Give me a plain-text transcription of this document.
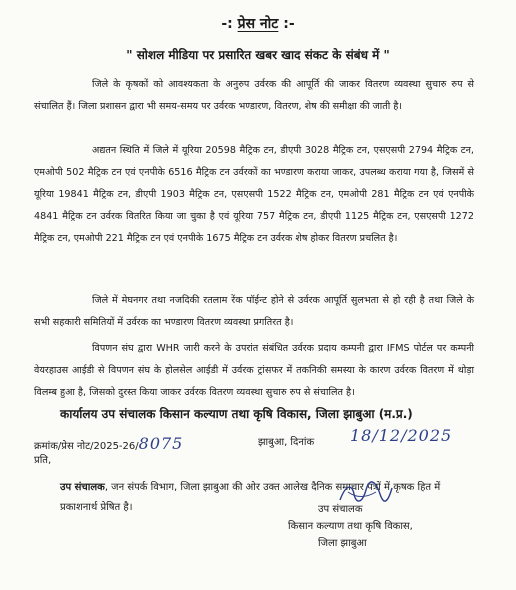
-: प्रेस नोट :-
" सोशल मीडिया पर प्रसारित खबर खाद संकट के संबंध में "

जिले के कृषकों को आवश्यकता के अनुरुप उर्वरक की आपूर्ति की जाकर वितरण व्यवस्था सुचारु रुप से संचालित हैं। जिला प्रशासन द्वारा भी समय-समय पर उर्वरक भण्डारण, वितरण, शेष की समीक्षा की जाती है।

अद्यतन स्थिति में जिले में यूरिया 20598 मैट्रिक टन, डीएपी 3028 मैट्रिक टन, एसएसपी 2794 मैट्रिक टन, एमओपी 502 मैट्रिक टन एवं एनपीके 6516 मैट्रिक टन उर्वरकों का भण्डारण कराया जाकर, उपलब्ध कराया गया है, जिसमें से यूरिया 19841 मैट्रिक टन, डीएपी 1903 मैट्रिक टन, एसएसपी 1522 मैट्रिक टन, एमओपी 281 मैट्रिक टन एवं एनपीके 4841 मैट्रिक टन उर्वरक वितरित किया जा चुका है एवं यूरिया 757 मैट्रिक टन, डीएपी 1125 मैट्रिक टन, एसएसपी 1272 मैट्रिक टन, एमओपी 221 मैट्रिक टन एवं एनपीके 1675 मैट्रिक टन उर्वरक शेष होकर वितरण प्रचलित है।

जिले में मेघनगर तथा नजदिकी रतलाम रेंक पॉईन्ट होने से उर्वरक आपूर्ति सुलभता से हो रही है तथा जिले के सभी सहकारी समितियों में उर्वरक का भण्डारण वितरण व्यवस्था प्रगतिरत है।

विपणन संघ द्वारा WHR जारी करने के उपरांत संबंधित उर्वरक प्रदाय कम्पनी द्वारा IFMS पोर्टल पर कम्पनी वेयरहाउस आईडी से विपणन संघ के होलसेल आईडी में उर्वरक ट्रांसफर में तकनिकी समस्या के कारण उर्वरक वितरण में थोड़ा विलम्ब हुआ है, जिसको दुरस्त किया जाकर उर्वरक वितरण व्यवस्था सुचारु रुप से संचालित है।

कार्यालय उप संचालक किसान कल्याण तथा कृषि विकास, जिला झाबुआ (म.प्र.)
क्रमांक/प्रेस नोट/2025-26/8075	झाबुआ, दिनांक 18/12/2025
प्रति,

उप संचालक, जन संपर्क विभाग, जिला झाबुआ की ओर उक्त आलेख दैनिक समाचार पत्रों में कृषक हित में प्रकाशनार्थ प्रेषित है।	उप संचालक
किसान कल्याण तथा कृषि विकास,
जिला झाबुआ
